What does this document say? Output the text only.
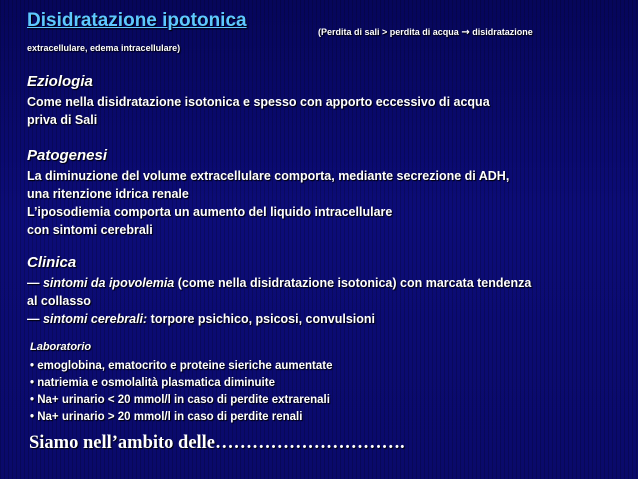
Disidratazione ipotonica
(Perdita di sali > perdita di acqua → disidratazione
extracellulare, edema intracellulare)
Eziologia
Come nella disidratazione isotonica e spesso con apporto eccessivo di acqua
priva di Sali
Patogenesi
La diminuzione del volume extracellulare comporta, mediante secrezione di ADH,
una ritenzione idrica renale
L’iposodiemia comporta un aumento del liquido intracellulare
con sintomi cerebrali
Clinica
— sintomi da ipovolemia (come nella disidratazione isotonica) con marcata tendenza
al collasso
— sintomi cerebrali: torpore psichico, psicosi, convulsioni
Laboratorio
• emoglobina, ematocrito e proteine sieriche aumentate
• natriemia e osmolalità plasmatica diminuite
• Na+ urinario < 20 mmol/l in caso di perdite extrarenali
• Na+ urinario > 20 mmol/l in caso di perdite renali
Siamo nell’ambito delle………………………….
